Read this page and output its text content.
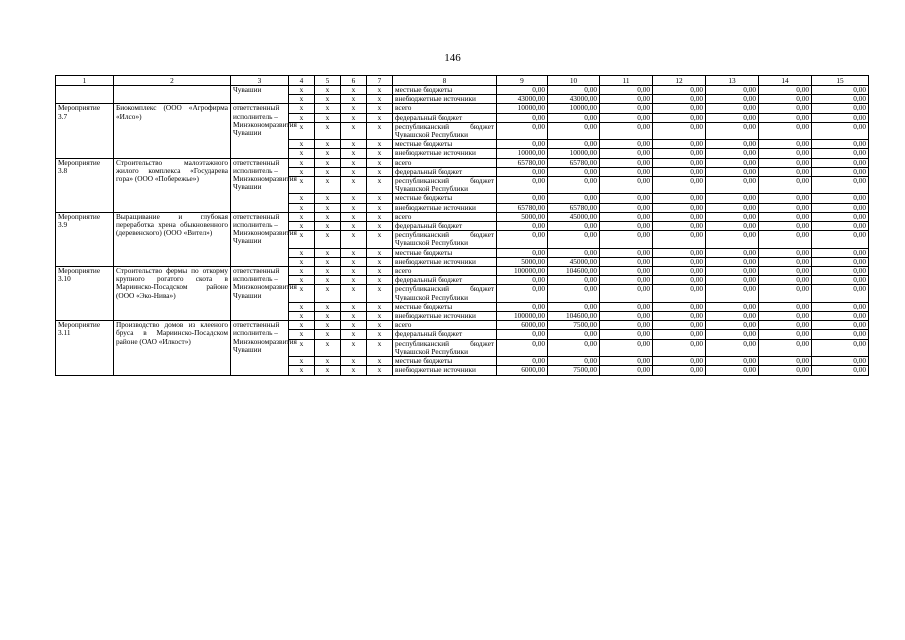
146
1	2	3	4	5	6	7	8	9	10	11	12	13	14	15
		Чувашии	х	х	х	х	местные бюджеты	0,00	0,00	0,00	0,00	0,00	0,00	0,00
			х	х	х	х	внебюджетные источники	43000,00	43000,00	0,00	0,00	0,00	0,00	0,00
Мероприятие 3.7	Биокомплекс (ООО «Агрофирма «Илсо»)	ответственный исполнитель – Минэкономразвития Чувашии	х	х	х	х	всего	10000,00	10000,00	0,00	0,00	0,00	0,00	0,00
			х	х	х	х	федеральный бюджет	0,00	0,00	0,00	0,00	0,00	0,00	0,00
			х	х	х	х	республиканский бюджет Чувашской Республики	0,00	0,00	0,00	0,00	0,00	0,00	0,00
			х	х	х	х	местные бюджеты	0,00	0,00	0,00	0,00	0,00	0,00	0,00
			х	х	х	х	внебюджетные источники	10000,00	10000,00	0,00	0,00	0,00	0,00	0,00
Мероприятие 3.8	Строительство малоэтажного жилого комплекса «Государева гора» (ООО «Побережье»)	ответственный исполнитель – Минэкономразвития Чувашии	х	х	х	х	всего	65780,00	65780,00	0,00	0,00	0,00	0,00	0,00
			х	х	х	х	федеральный бюджет	0,00	0,00	0,00	0,00	0,00	0,00	0,00
			х	х	х	х	республиканский бюджет Чувашской Республики	0,00	0,00	0,00	0,00	0,00	0,00	0,00
			х	х	х	х	местные бюджеты	0,00	0,00	0,00	0,00	0,00	0,00	0,00
			х	х	х	х	внебюджетные источники	65780,00	65780,00	0,00	0,00	0,00	0,00	0,00
Мероприятие 3.9	Выращивание и глубокая переработка хрена обыкновенного (деревенского) (ООО «Вител»)	ответственный исполнитель – Минэкономразвития Чувашии	х	х	х	х	всего	5000,00	45000,00	0,00	0,00	0,00	0,00	0,00
			х	х	х	х	федеральный бюджет	0,00	0,00	0,00	0,00	0,00	0,00	0,00
			х	х	х	х	республиканский бюджет Чувашской Республики	0,00	0,00	0,00	0,00	0,00	0,00	0,00
			х	х	х	х	местные бюджеты	0,00	0,00	0,00	0,00	0,00	0,00	0,00
			х	х	х	х	внебюджетные источники	5000,00	45000,00	0,00	0,00	0,00	0,00	0,00
Мероприятие 3.10	Строительство фермы по откорму крупного рогатого скота в Мариинско-Посадском районе (ООО «Эко-Нива»)	ответственный исполнитель – Минэкономразвития Чувашии	х	х	х	х	всего	100000,00	104600,00	0,00	0,00	0,00	0,00	0,00
			х	х	х	х	федеральный бюджет	0,00	0,00	0,00	0,00	0,00	0,00	0,00
			х	х	х	х	республиканский бюджет Чувашской Республики	0,00	0,00	0,00	0,00	0,00	0,00	0,00
			х	х	х	х	местные бюджеты	0,00	0,00	0,00	0,00	0,00	0,00	0,00
			х	х	х	х	внебюджетные источники	100000,00	104600,00	0,00	0,00	0,00	0,00	0,00
Мероприятие 3.11	Производство домов из клееного бруса в Мариинско-Посадском районе (ОАО «Илкост»)	ответственный исполнитель – Минэкономразвития Чувашии	х	х	х	х	всего	6000,00	7500,00	0,00	0,00	0,00	0,00	0,00
			х	х	х	х	федеральный бюджет	0,00	0,00	0,00	0,00	0,00	0,00	0,00
			х	х	х	х	республиканский бюджет Чувашской Республики	0,00	0,00	0,00	0,00	0,00	0,00	0,00
			х	х	х	х	местные бюджеты	0,00	0,00	0,00	0,00	0,00	0,00	0,00
			х	х	х	х	внебюджетные источники	6000,00	7500,00	0,00	0,00	0,00	0,00	0,00
